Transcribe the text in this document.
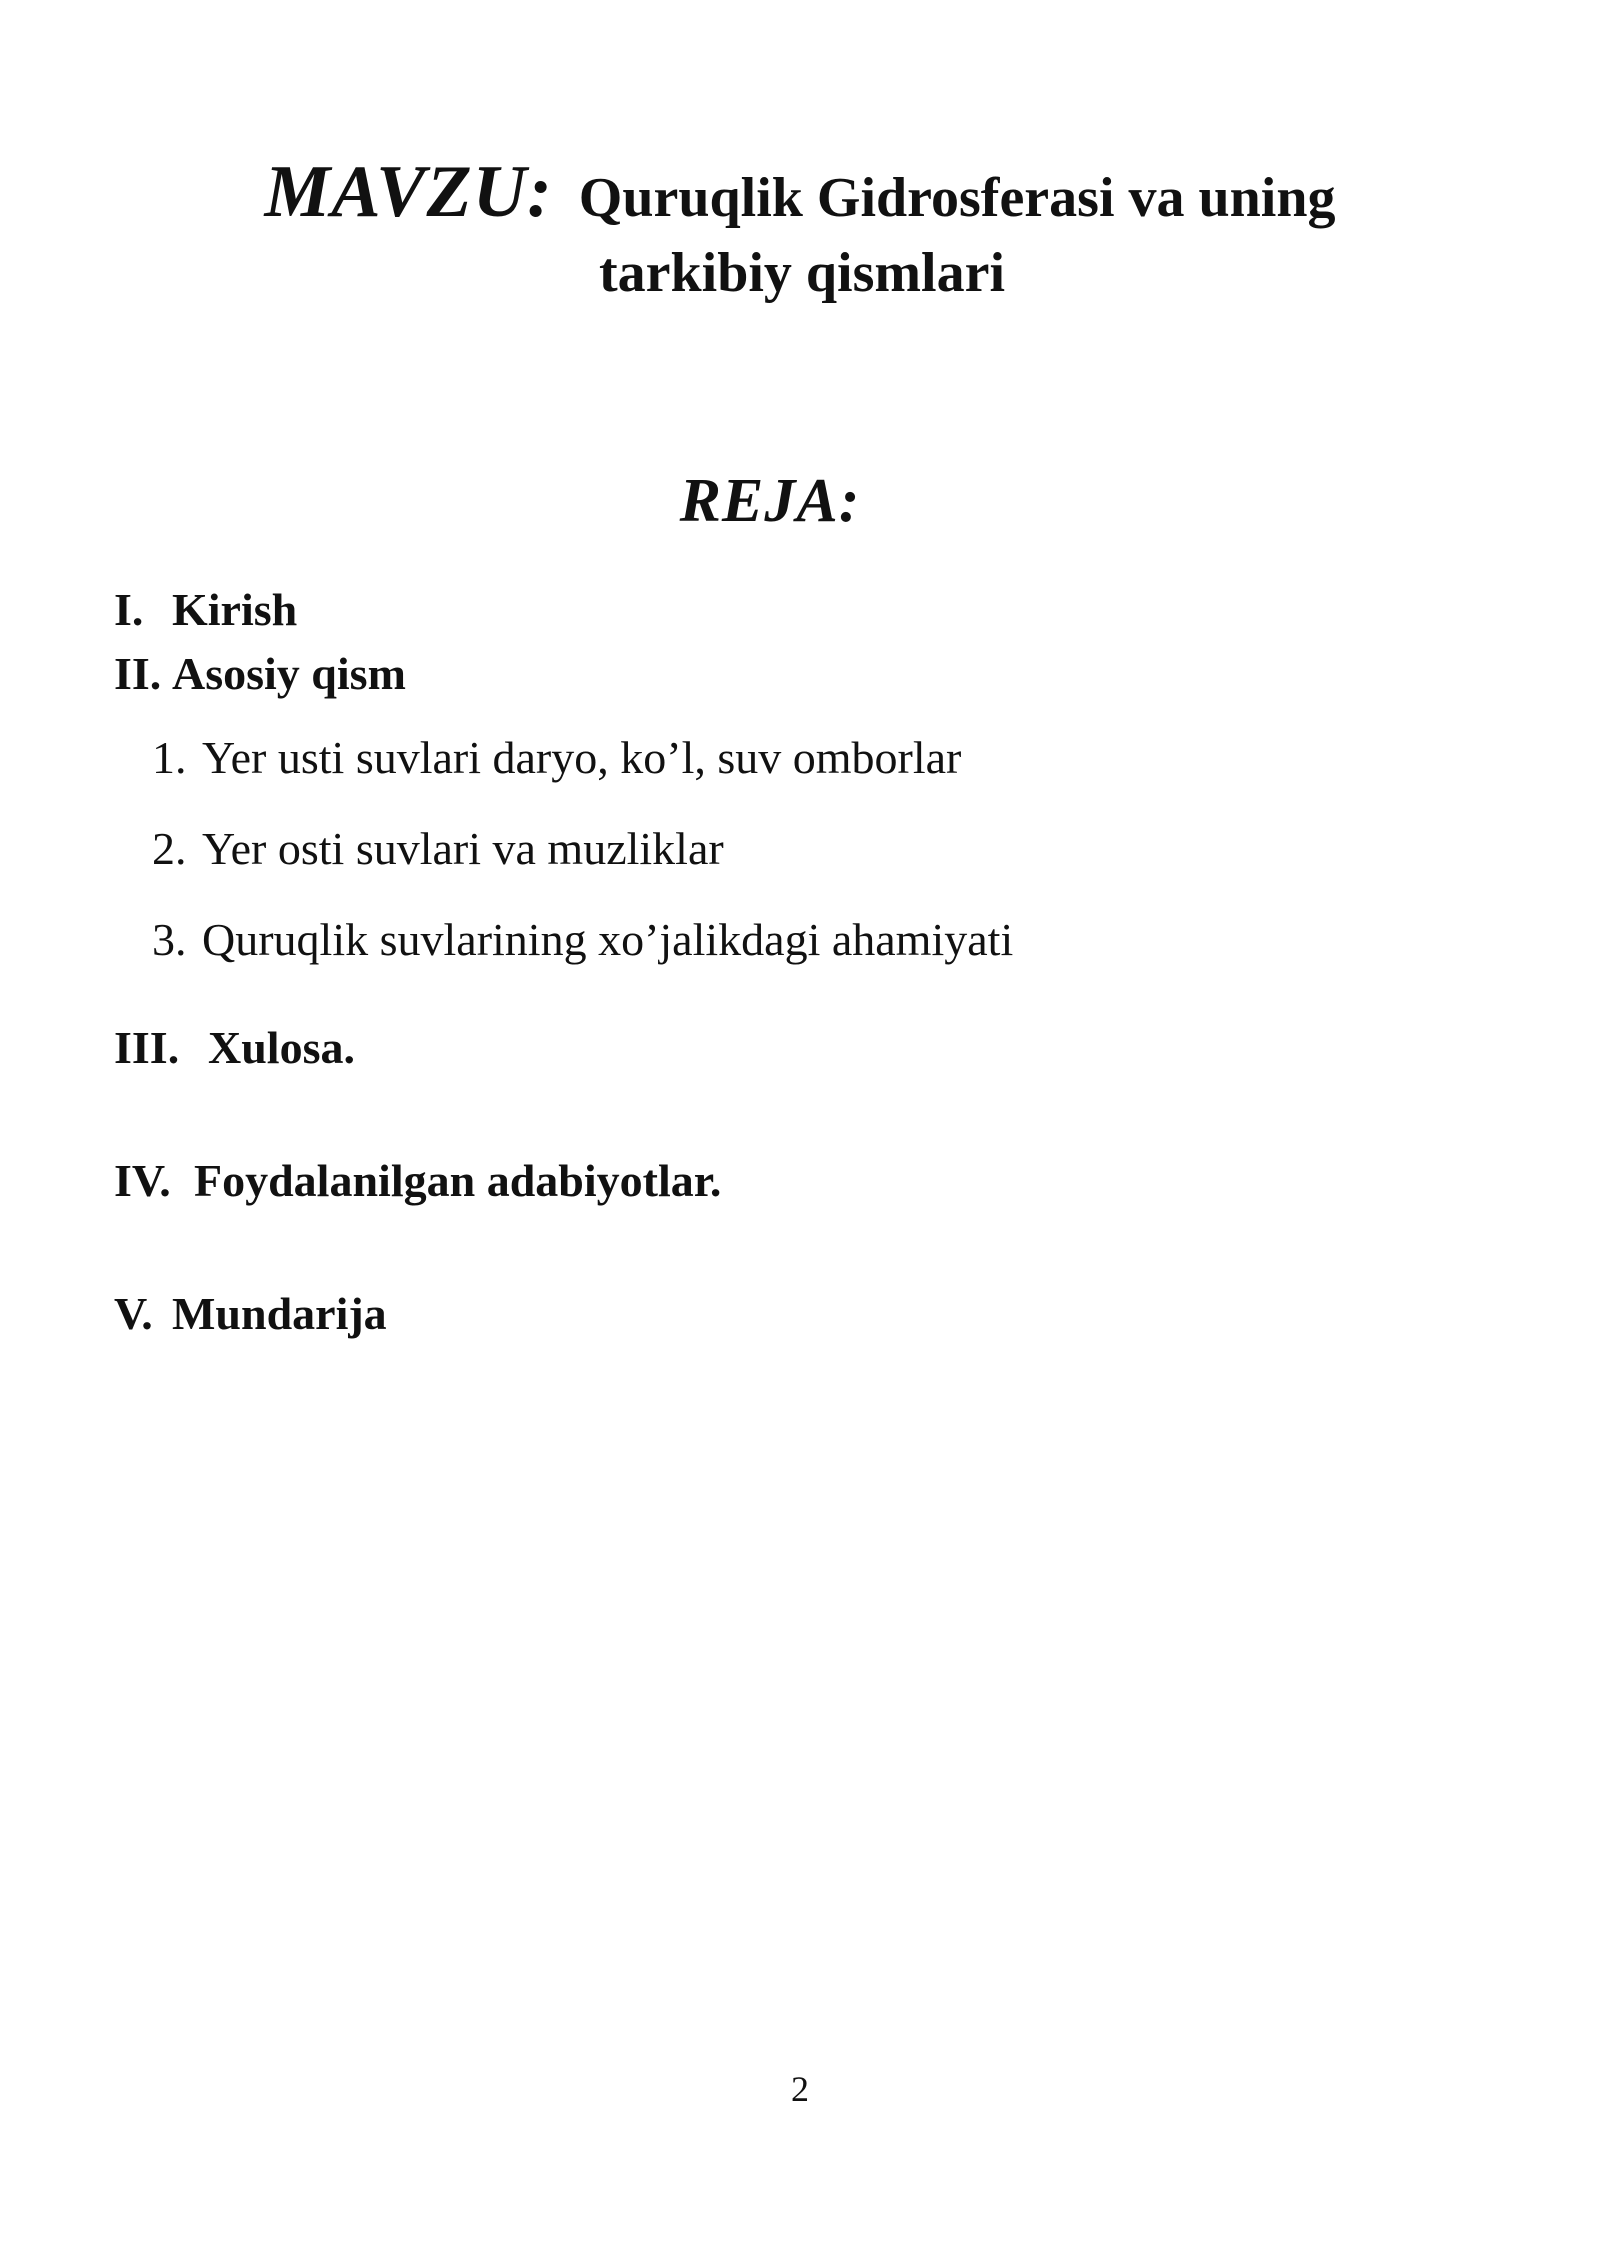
MAVZU: Quruqlik Gidrosferasi va uning
tarkibiy qismlari
REJA:
I. Kirish
II. Asosiy qism
1. Yer usti suvlari daryo, ko’l, suv omborlar
2. Yer osti suvlari va muzliklar
3. Quruqlik suvlarining xo’jalikdagi ahamiyati
III. Xulosa.
IV. Foydalanilgan adabiyotlar.
V. Mundarija
2
